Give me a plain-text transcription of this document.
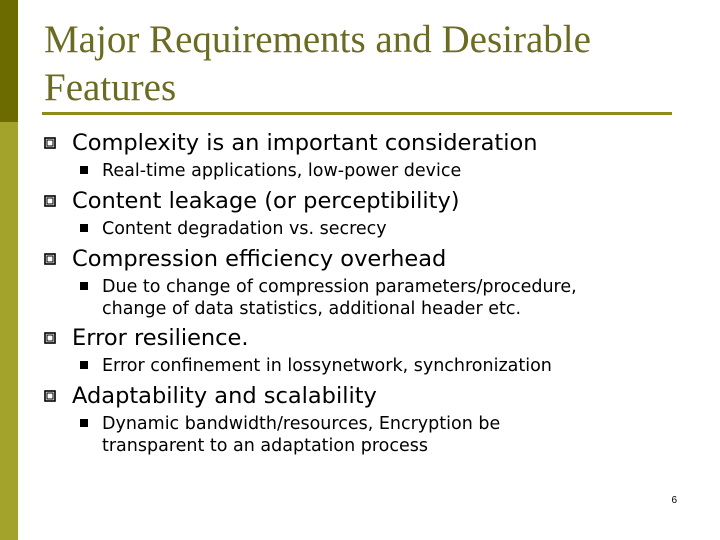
Major Requirements and Desirable
Features
Complexity is an important consideration
Real-time applications, low-power device
Content leakage (or perceptibility)
Content degradation vs. secrecy
Compression efficiency overhead
Due to change of compression parameters/procedure,
change of data statistics, additional header etc.
Error resilience.
Error confinement in lossynetwork, synchronization
Adaptability and scalability
Dynamic bandwidth/resources, Encryption be
transparent to an adaptation process
6
